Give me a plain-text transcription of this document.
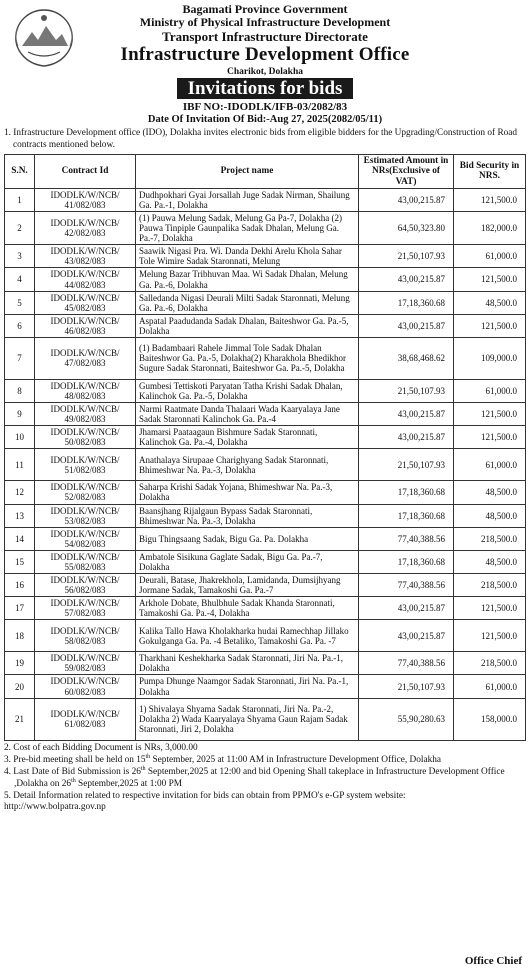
Bagamati Province Government
Ministry of Physical Infrastructure Development
Transport Infrastructure Directorate
Infrastructure Development Office
Charikot, Dolakha
Invitations for bids
IBF NO:-IDODLK/IFB-03/2082/83
Date Of Invitation Of Bid:-Aug 27, 2025(2082/05/11)
1. Infrastructure Development office (IDO), Dolakha invites electronic bids from eligible bidders for the Upgrading/Construction of Road contracts mentioned below.
S.N.	Contract Id	Project name	Estimated Amount in NRs(Exclusive of VAT)	Bid Security in NRS.
1	IDODLK/W/NCB/ 41/082/083	Dudhpokhari Gyai Jorsallah Juge Sadak Nirman, Shailung Ga. Pa.-1, Dolakha	43,00,215.87	121,500.0
2	IDODLK/W/NCB/ 42/082/083	(1) Pauwa Melung Sadak, Melung Ga Pa-7, Dolakha (2) Pauwa Tinpiple Gaunpalika Sadak Dhalan, Melung Ga. Pa.-7, Dolakha	64,50,323.80	182,000.0
3	IDODLK/W/NCB/ 43/082/083	Saawik Nigasi Pra. Wi. Danda Dekhi Arelu Khola Sahar Tole Wimire Sadak Staronnati, Melung	21,50,107.93	61,000.0
4	IDODLK/W/NCB/ 44/082/083	Melung Bazar Tribhuvan Maa. Wi Sadak Dhalan, Melung Ga. Pa.-6, Dolakha	43,00,215.87	121,500.0
5	IDODLK/W/NCB/ 45/082/083	Salledanda Nigasi Deurali Milti Sadak Staronnati, Melung Ga. Pa.-6, Dolakha	17,18,360.68	48,500.0
6	IDODLK/W/NCB/ 46/082/083	Aspatal Paadudanda Sadak Dhalan, Baiteshwor Ga. Pa.-5, Dolakha	43,00,215.87	121,500.0
7	IDODLK/W/NCB/ 47/082/083	(1) Badambaari Rahele Jimmal Tole Sadak Dhalan Baiteshwor Ga. Pa.-5, Dolakha(2) Kharakhola Bhedikhor Sugure Sadak Staronnati, Baiteshwor Ga. Pa.-5, Dolakha	38,68,468.62	109,000.0
8	IDODLK/W/NCB/ 48/082/083	Gumbesi Tettiskoti Paryatan Tatha Krishi Sadak Dhalan, Kalinchok Ga. Pa.-5, Dolakha	21,50,107.93	61,000.0
9	IDODLK/W/NCB/ 49/082/083	Narmi Raatmate Danda Thalaari Wada Kaaryalaya Jane Sadak Staronnati Kalinchok Ga. Pa.-4	43,00,215.87	121,500.0
10	IDODLK/W/NCB/ 50/082/083	Jhamarsi Paataagaun Bishmure Sadak Staronnati, Kalinchok Ga. Pa.-4, Dolakha	43,00,215.87	121,500.0
11	IDODLK/W/NCB/ 51/082/083	Anathalaya Sirupaae Charighyang Sadak Staronnati, Bhimeshwar Na. Pa.-3, Dolakha	21,50,107.93	61,000.0
12	IDODLK/W/NCB/ 52/082/083	Saharpa Krishi Sadak Yojana, Bhimeshwar Na. Pa.-3, Dolakha	17,18,360.68	48,500.0
13	IDODLK/W/NCB/ 53/082/083	Baansjhang Rijalgaun Bypass Sadak Staronnati, Bhimeshwar Na. Pa.-3, Dolakha	17,18,360.68	48,500.0
14	IDODLK/W/NCB/ 54/082/083	Bigu Thingsaang Sadak, Bigu Ga. Pa. Dolakha	77,40,388.56	218,500.0
15	IDODLK/W/NCB/ 55/082/083	Ambatole Sisikuna Gaglate Sadak, Bigu Ga. Pa.-7, Dolakha	17,18,360.68	48,500.0
16	IDODLK/W/NCB/ 56/082/083	Deurali, Batase, Jhakrekhola, Lamidanda, Dumsijhyang Jormane Sadak, Tamakoshi Ga. Pa.-7	77,40,388.56	218,500.0
17	IDODLK/W/NCB/ 57/082/083	Arkhole Dobate, Bhulbhule Sadak Khanda Staronnati, Tamakoshi Ga. Pa.-4, Dolakha	43,00,215.87	121,500.0
18	IDODLK/W/NCB/ 58/082/083	Kalika Tallo Hawa Kholakharka hudai Ramechhap Jillako Gokulganga Ga. Pa. -4 Betaliko, Tamakoshi Ga. Pa. -7	43,00,215.87	121,500.0
19	IDODLK/W/NCB/ 59/082/083	Tharkhani Keshekharka Sadak Staronnati, Jiri Na. Pa.-1, Dolakha	77,40,388.56	218,500.0
20	IDODLK/W/NCB/ 60/082/083	Pumpa Dhunge Naamgor Sadak Staronnati, Jiri Na. Pa.-1, Dolakha	21,50,107.93	61,000.0
21	IDODLK/W/NCB/ 61/082/083	1) Shivalaya Shyama Sadak Staronnati, Jiri Na. Pa.-2, Dolakha 2) Wada Kaaryalaya Shyama Gaun Rajam Sadak Staronnati, Jiri 2, Dolakha	55,90,280.63	158,000.0
2. Cost of each Bidding Document is NRs, 3,000.00
3. Pre-bid meeting shall be held on 15th September, 2025 at 11:00 AM in Infrastructure Development Office, Dolakha
4. Last Date of Bid Submission is 26th September,2025 at 12:00 and bid Opening Shall takeplace in Infrastructure Development Office ,Dolakha on 26th September,2025 at 1:00 PM
5. Detail Information related to respective invitation for bids can obtain from PPMO's e-GP system website:
http://www.bolpatra.gov.np
Office Chief
